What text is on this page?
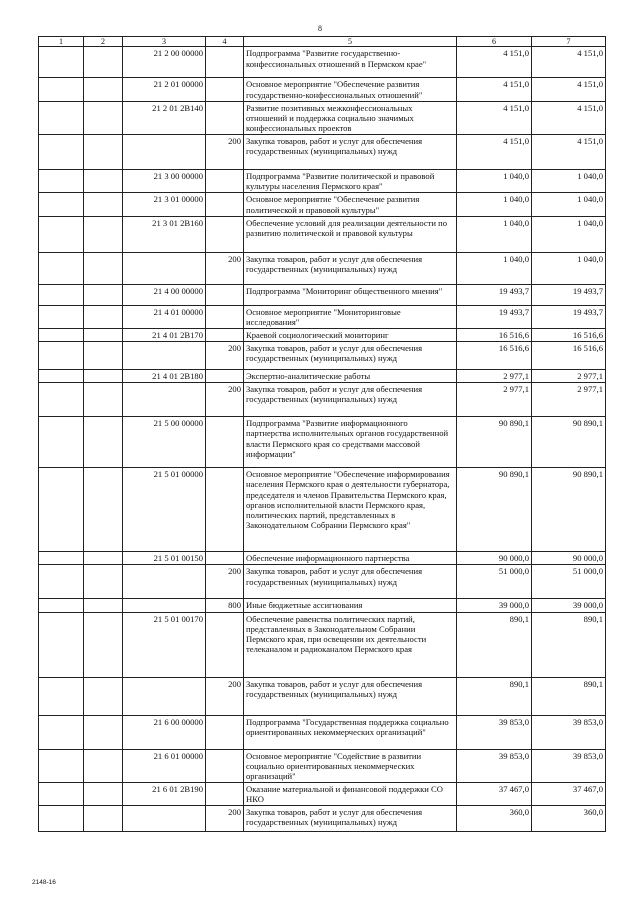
8
1	2	3	4	5	6	7
		21 2 00 00000		Подпрограмма "Развитие государственно-конфессиональных отношений в Пермском крае"	4 151,0	4 151,0
		21 2 01 00000		Основное мероприятие "Обеспечение развития государственно-конфессиональных отношений"	4 151,0	4 151,0
		21 2 01 2В140		Развитие позитивных межконфессиональных отношений и поддержка социально значимых конфессиональных проектов	4 151,0	4 151,0
			200	Закупка товаров, работ и услуг для обеспечения государственных (муниципальных) нужд	4 151,0	4 151,0
		21 3 00 00000		Подпрограмма "Развитие политической и правовой культуры населения Пермского края"	1 040,0	1 040,0
		21 3 01 00000		Основное мероприятие "Обеспечение развития политической и правовой культуры"	1 040,0	1 040,0
		21 3 01 2В160		Обеспечение условий для реализации деятельности по развитию политической и правовой культуры	1 040,0	1 040,0
			200	Закупка товаров, работ и услуг для обеспечения государственных (муниципальных) нужд	1 040,0	1 040,0
		21 4 00 00000		Подпрограмма "Мониторинг общественного мнения"	19 493,7	19 493,7
		21 4 01 00000		Основное мероприятие "Мониторинговые исследования"	19 493,7	19 493,7
		21 4 01 2В170		Краевой социологический мониторинг	16 516,6	16 516,6
			200	Закупка товаров, работ и услуг для обеспечения государственных (муниципальных) нужд	16 516,6	16 516,6
		21 4 01 2В180		Экспертно-аналитические работы	2 977,1	2 977,1
			200	Закупка товаров, работ и услуг для обеспечения государственных (муниципальных) нужд	2 977,1	2 977,1
		21 5 00 00000		Подпрограмма "Развитие информационного партнерства исполнительных органов государственной власти Пермского края со средствами массовой информации"	90 890,1	90 890,1
		21 5 01 00000		Основное мероприятие "Обеспечение информирования населения Пермского края о деятельности губернатора, председателя и членов Правительства Пермского края, органов исполнительной власти Пермского края, политических партий, представленных в Законодательном Собрании Пермского края"	90 890,1	90 890,1
		21 5 01 00150		Обеспечение информационного партнерства	90 000,0	90 000,0
			200	Закупка товаров, работ и услуг для обеспечения государственных (муниципальных) нужд	51 000,0	51 000,0
			800	Иные бюджетные ассигнования	39 000,0	39 000,0
		21 5 01 00170		Обеспечение равенства политических партий, представленных в Законодательном Собрании Пермского края, при освещении их деятельности телеканалом и радиоканалом Пермского края	890,1	890,1
			200	Закупка товаров, работ и услуг для обеспечения государственных (муниципальных) нужд	890,1	890,1
		21 6 00 00000		Подпрограмма "Государственная поддержка социально ориентированных некоммерческих организаций"	39 853,0	39 853,0
		21 6 01 00000		Основное мероприятие "Содействие в развитии социально ориентированных некоммерческих организаций"	39 853,0	39 853,0
		21 6 01 2В190		Оказание материальной и финансовой поддержки СО НКО	37 467,0	37 467,0
			200	Закупка товаров, работ и услуг для обеспечения государственных (муниципальных) нужд	360,0	360,0
2148-16
